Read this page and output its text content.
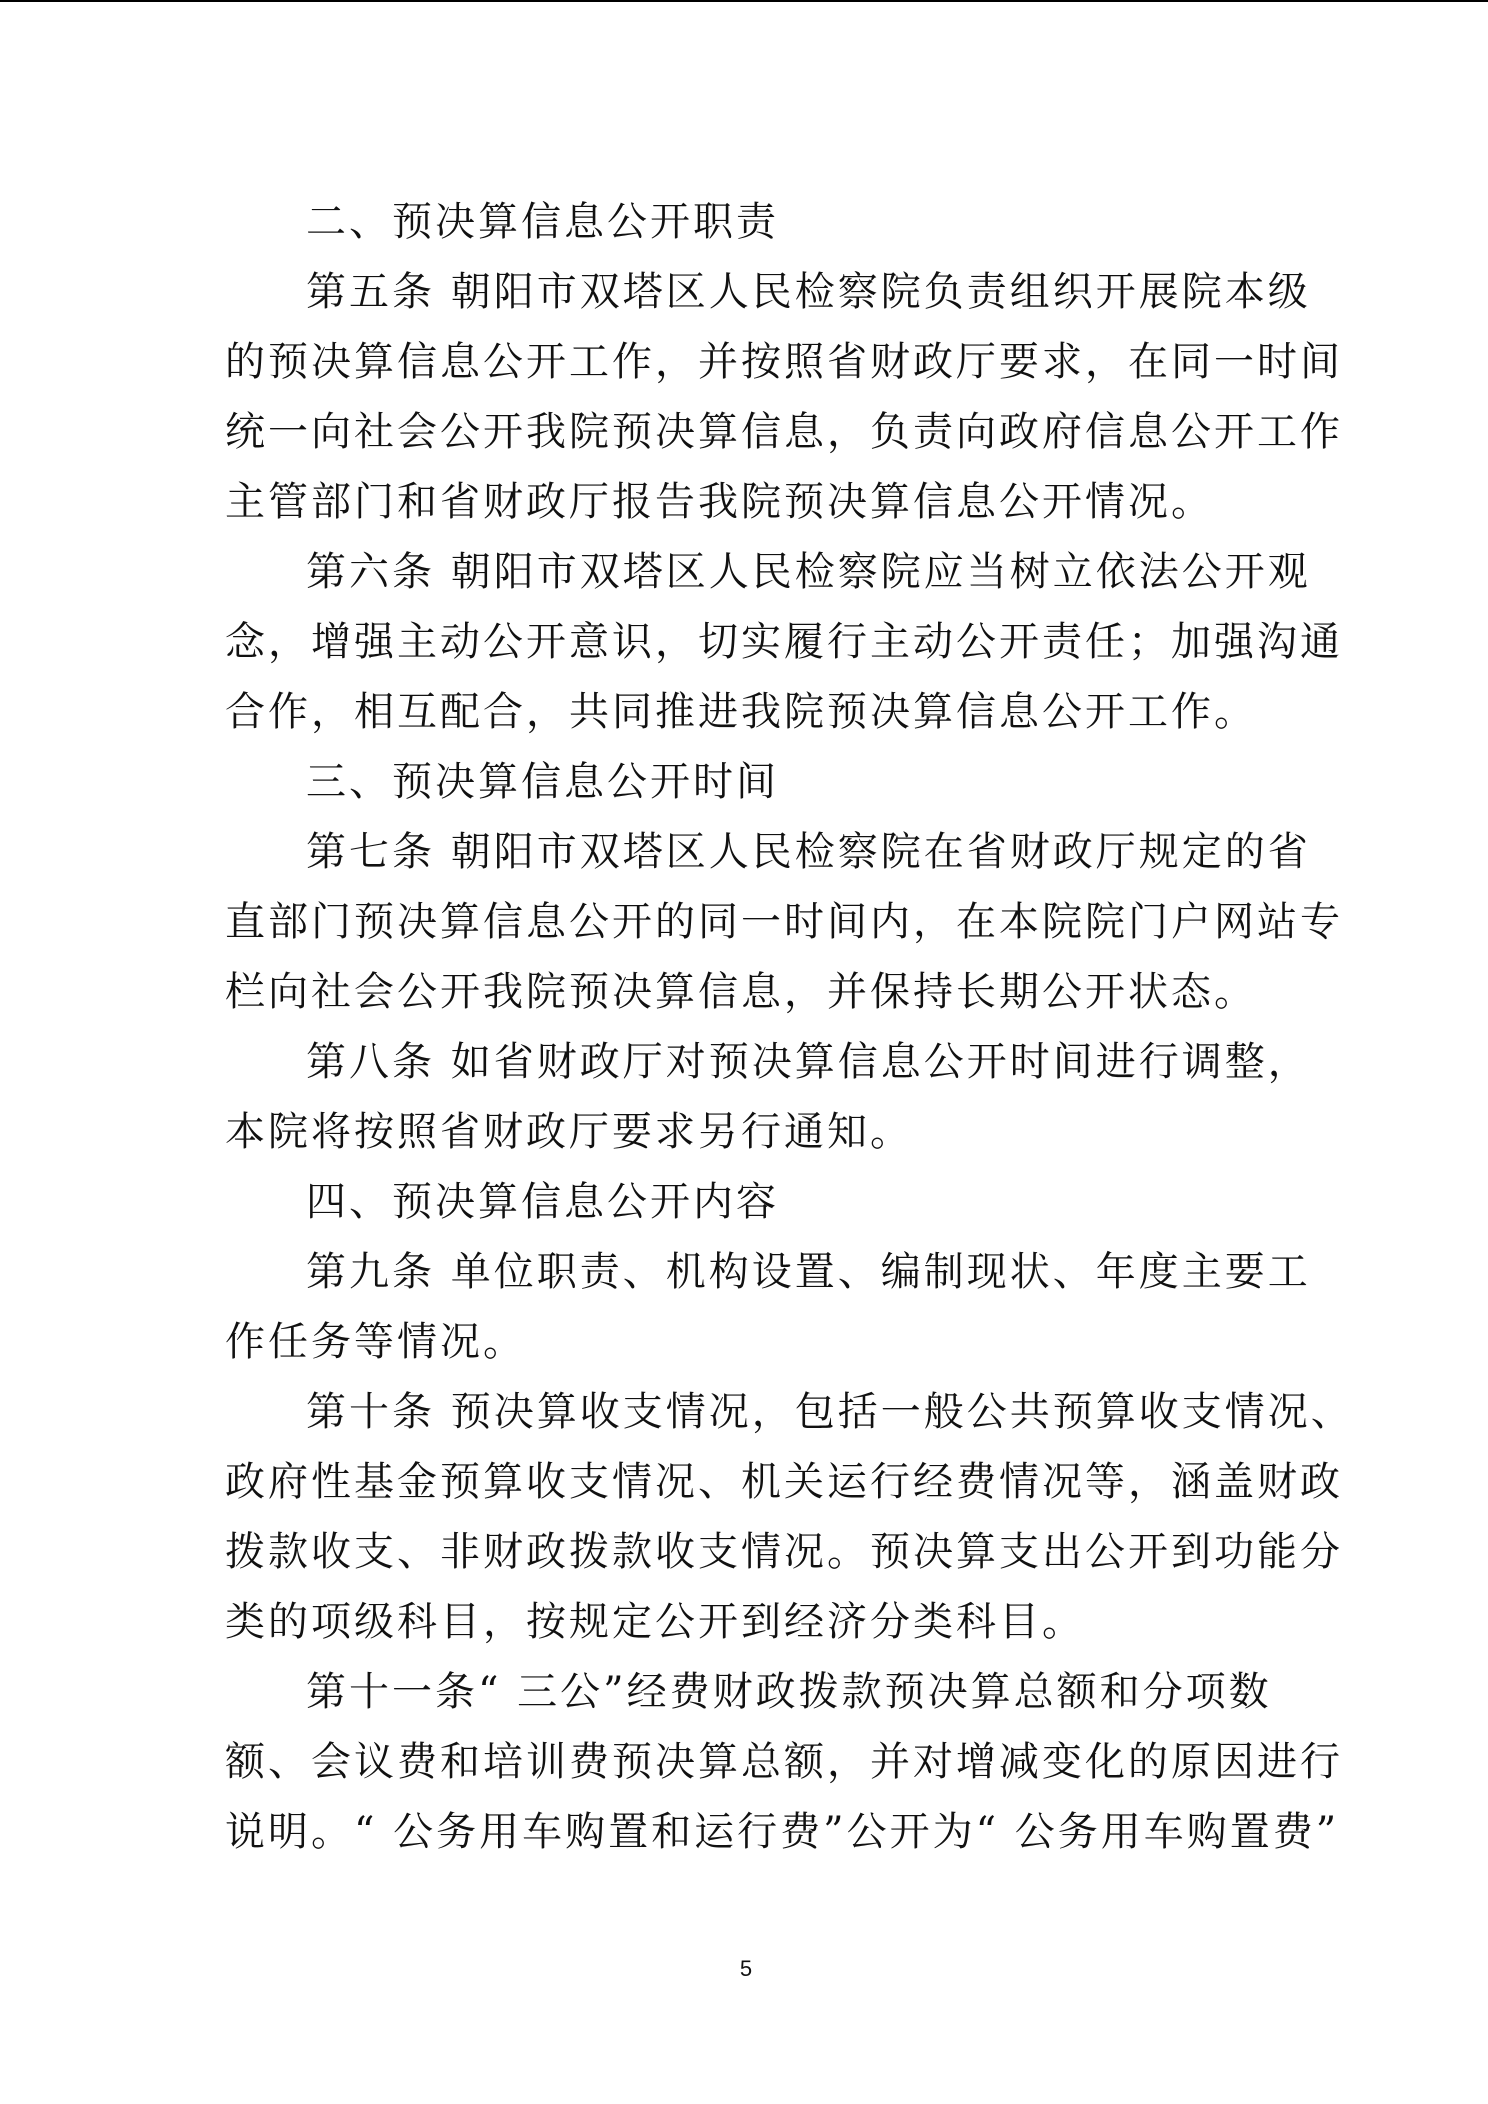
二、预决算信息公开职责
第五条 朝阳市双塔区人民检察院负责组织开展院本级
的预决算信息公开工作，并按照省财政厅要求，在同一时间
统一向社会公开我院预决算信息，负责向政府信息公开工作
主管部门和省财政厅报告我院预决算信息公开情况。
第六条 朝阳市双塔区人民检察院应当树立依法公开观
念，增强主动公开意识，切实履行主动公开责任；加强沟通
合作，相互配合，共同推进我院预决算信息公开工作。
三、预决算信息公开时间
第七条 朝阳市双塔区人民检察院在省财政厅规定的省
直部门预决算信息公开的同一时间内，在本院院门户网站专
栏向社会公开我院预决算信息，并保持长期公开状态。
第八条 如省财政厅对预决算信息公开时间进行调整，
本院将按照省财政厅要求另行通知。
四、预决算信息公开内容
第九条 单位职责、机构设置、编制现状、年度主要工
作任务等情况。
第十条 预决算收支情况，包括一般公共预算收支情况、
政府性基金预算收支情况、机关运行经费情况等，涵盖财政
拨款收支、非财政拨款收支情况。预决算支出公开到功能分
类的项级科目，按规定公开到经济分类科目。
第十一条“ 三公”经费财政拨款预决算总额和分项数
额、会议费和培训费预决算总额，并对增减变化的原因进行
说明。“ 公务用车购置和运行费”公开为“ 公务用车购置费”
5
